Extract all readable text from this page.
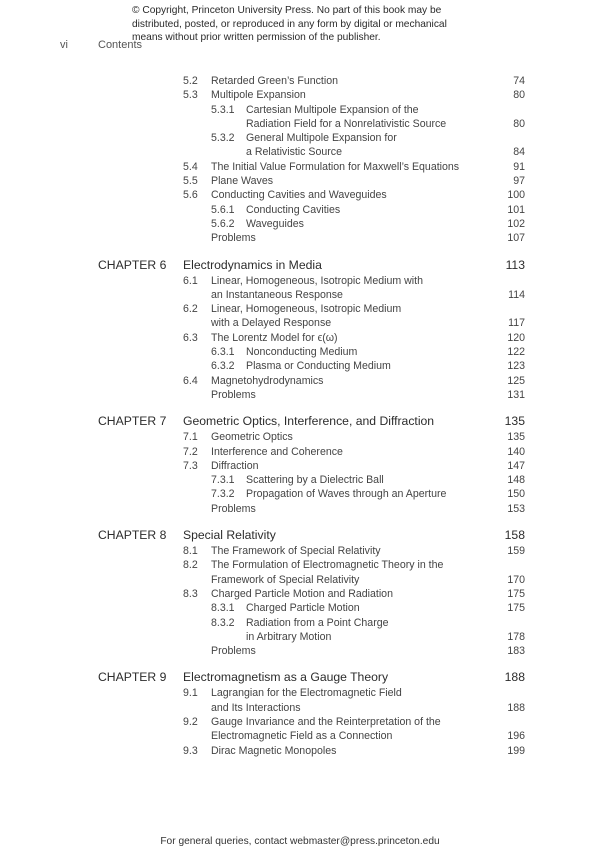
© Copyright, Princeton University Press. No part of this book may be
distributed, posted, or reproduced in any form by digital or mechanical
means without prior written permission of the publisher.
vi	Contents
5.2 Retarded Green’s Function	74
5.3 Multipole Expansion	80
5.3.1 Cartesian Multipole Expansion of the
Radiation Field for a Nonrelativistic Source	80
5.3.2 General Multipole Expansion for
a Relativistic Source	84
5.4 The Initial Value Formulation for Maxwell’s Equations	91
5.5 Plane Waves	97
5.6 Conducting Cavities and Waveguides	100
5.6.1 Conducting Cavities	101
5.6.2 Waveguides	102
Problems	107
CHAPTER 6 Electrodynamics in Media	113
6.1 Linear, Homogeneous, Isotropic Medium with
an Instantaneous Response	114
6.2 Linear, Homogeneous, Isotropic Medium
with a Delayed Response	117
6.3 The Lorentz Model for ϵ(ω)	120
6.3.1 Nonconducting Medium	122
6.3.2 Plasma or Conducting Medium	123
6.4 Magnetohydrodynamics	125
Problems	131
CHAPTER 7 Geometric Optics, Interference, and Diffraction	135
7.1 Geometric Optics	135
7.2 Interference and Coherence	140
7.3 Diffraction	147
7.3.1 Scattering by a Dielectric Ball	148
7.3.2 Propagation of Waves through an Aperture	150
Problems	153
CHAPTER 8 Special Relativity	158
8.1 The Framework of Special Relativity	159
8.2 The Formulation of Electromagnetic Theory in the
Framework of Special Relativity	170
8.3 Charged Particle Motion and Radiation	175
8.3.1 Charged Particle Motion	175
8.3.2 Radiation from a Point Charge
in Arbitrary Motion	178
Problems	183
CHAPTER 9 Electromagnetism as a Gauge Theory	188
9.1 Lagrangian for the Electromagnetic Field
and Its Interactions	188
9.2 Gauge Invariance and the Reinterpretation of the
Electromagnetic Field as a Connection	196
9.3 Dirac Magnetic Monopoles	199
For general queries, contact webmaster@press.princeton.edu
